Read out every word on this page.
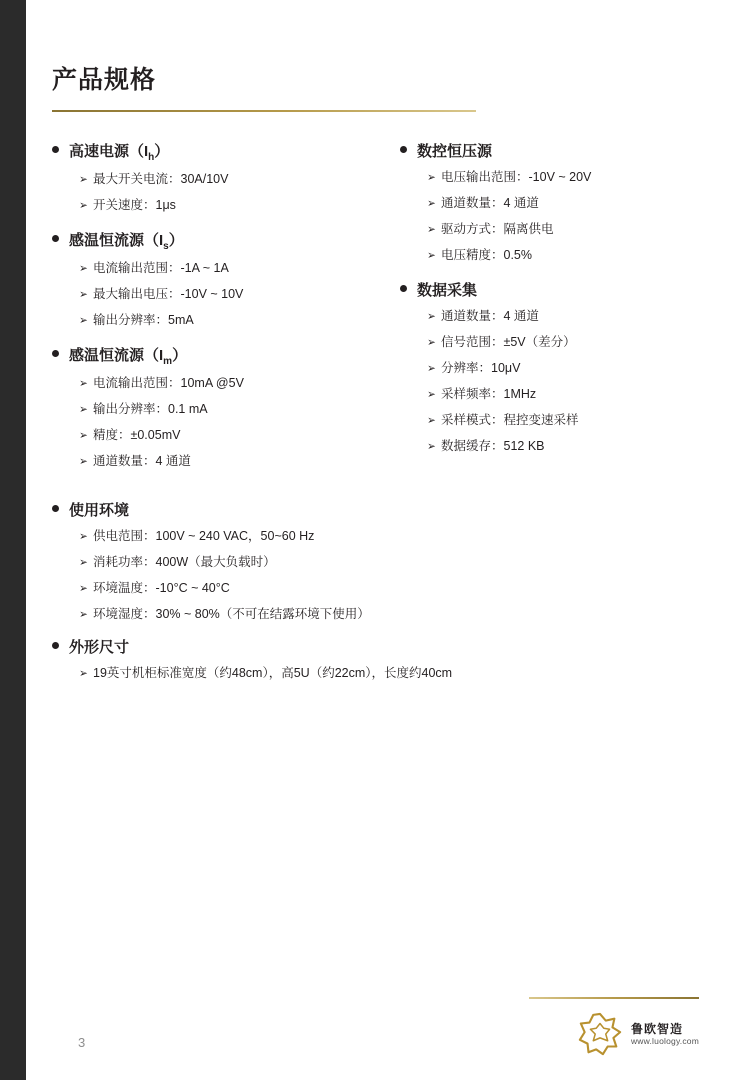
产品规格
高速电源$(I_h)$
➢ 最大开关电流：30A/10V
➢ 开关速度：1μs
感温恒流源$(I_s)$
➢ 电流输出范围：-1A ~ 1A
➢ 最大输出电压：-10V ~ 10V
➢ 输出分辨率：5mA
感温恒流源$(I_m)$
➢ 电流输出范围：10mA @5V
➢ 输出分辨率：0.1 mA
➢ 精度：±0.05mV
➢ 通道数量：4 通道
数控恒压源
➢ 电压输出范围：-10V ~ 20V
➢ 通道数量：4 通道
➢ 驱动方式：隔离供电
➢ 电压精度：0.5%
数据采集
➢ 通道数量：4 通道
➢ 信号范围：±5V（差分）
➢ 分辨率：10μV
➢ 采样频率：1MHz
➢ 采样模式：程控变速采样
➢ 数据缓存：512 KB
使用环境
➢ 供电范围：100V ~ 240 VAC，50~60 Hz
➢ 消耗功率：400W（最大负载时）
➢ 环境温度：-10°C ~ 40°C
➢ 环境湿度：30% ~ 80%（不可在结露环境下使用）
外形尺寸
➢ 19英寸机柜标准宽度（约48cm），高5U（约22cm），长度约40cm
3
鲁欧智造
www.luology.com
